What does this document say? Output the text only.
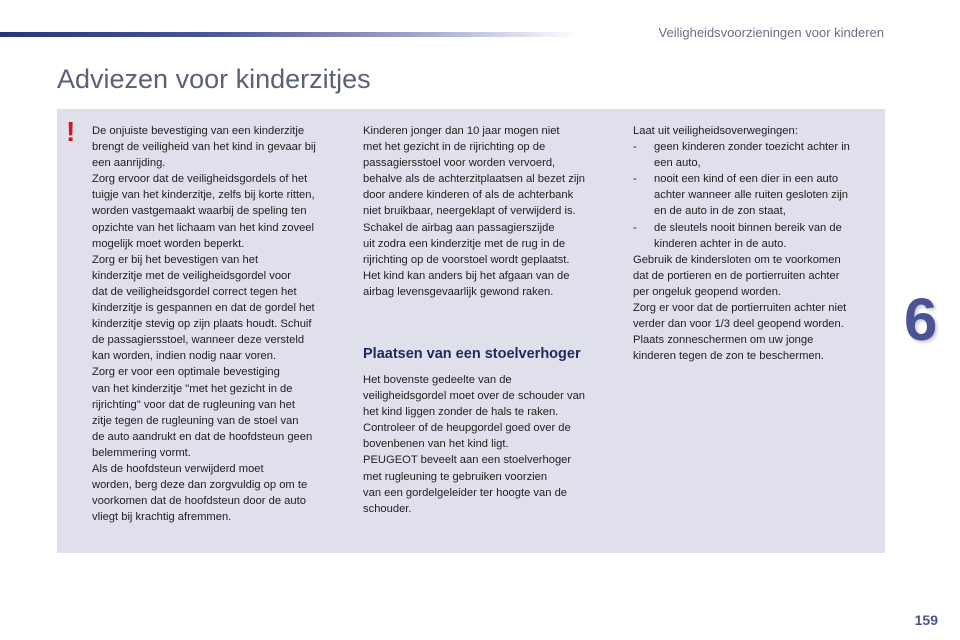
Veiligheidsvoorzieningen voor kinderen
Adviezen voor kinderzitjes
! De onjuiste bevestiging van een kinderzitje
brengt de veiligheid van het kind in gevaar bij
een aanrijding.
Zorg ervoor dat de veiligheidsgordels of het
tuigje van het kinderzitje, zelfs bij korte ritten,
worden vastgemaakt waarbij de speling ten
opzichte van het lichaam van het kind zoveel
mogelijk moet worden beperkt.
Zorg er bij het bevestigen van het
kinderzitje met de veiligheidsgordel voor
dat de veiligheidsgordel correct tegen het
kinderzitje is gespannen en dat de gordel het
kinderzitje stevig op zijn plaats houdt. Schuif
de passagiersstoel, wanneer deze versteld
kan worden, indien nodig naar voren.
Zorg er voor een optimale bevestiging
van het kinderzitje "met het gezicht in de
rijrichting" voor dat de rugleuning van het
zitje tegen de rugleuning van de stoel van
de auto aandrukt en dat de hoofdsteun geen
belemmering vormt.
Als de hoofdsteun verwijderd moet
worden, berg deze dan zorgvuldig op om te
voorkomen dat de hoofdsteun door de auto
vliegt bij krachtig afremmen.

Kinderen jonger dan 10 jaar mogen niet
met het gezicht in de rijrichting op de
passagiersstoel voor worden vervoerd,
behalve als de achterzitplaatsen al bezet zijn
door andere kinderen of als de achterbank
niet bruikbaar, neergeklapt of verwijderd is.
Schakel de airbag aan passagierszijde
uit zodra een kinderzitje met de rug in de
rijrichting op de voorstoel wordt geplaatst.
Het kind kan anders bij het afgaan van de
airbag levensgevaarlijk gewond raken.

Plaatsen van een stoelverhoger

Het bovenste gedeelte van de
veiligheidsgordel moet over de schouder van
het kind liggen zonder de hals te raken.
Controleer of de heupgordel goed over de
bovenbenen van het kind ligt.
PEUGEOT beveelt aan een stoelverhoger
met rugleuning te gebruiken voorzien
van een gordelgeleider ter hoogte van de
schouder.

Laat uit veiligheidsoverwegingen:

- geen kinderen zonder toezicht achter in
een auto,

- nooit een kind of een dier in een auto
achter wanneer alle ruiten gesloten zijn
en de auto in de zon staat,

- de sleutels nooit binnen bereik van de
kinderen achter in de auto.

Gebruik de kindersloten om te voorkomen
dat de portieren en de portierruiten achter
per ongeluk geopend worden.
Zorg er voor dat de portierruiten achter niet
verder dan voor 1/3 deel geopend worden.
Plaats zonneschermen om uw jonge
kinderen tegen de zon te beschermen.

6
159
